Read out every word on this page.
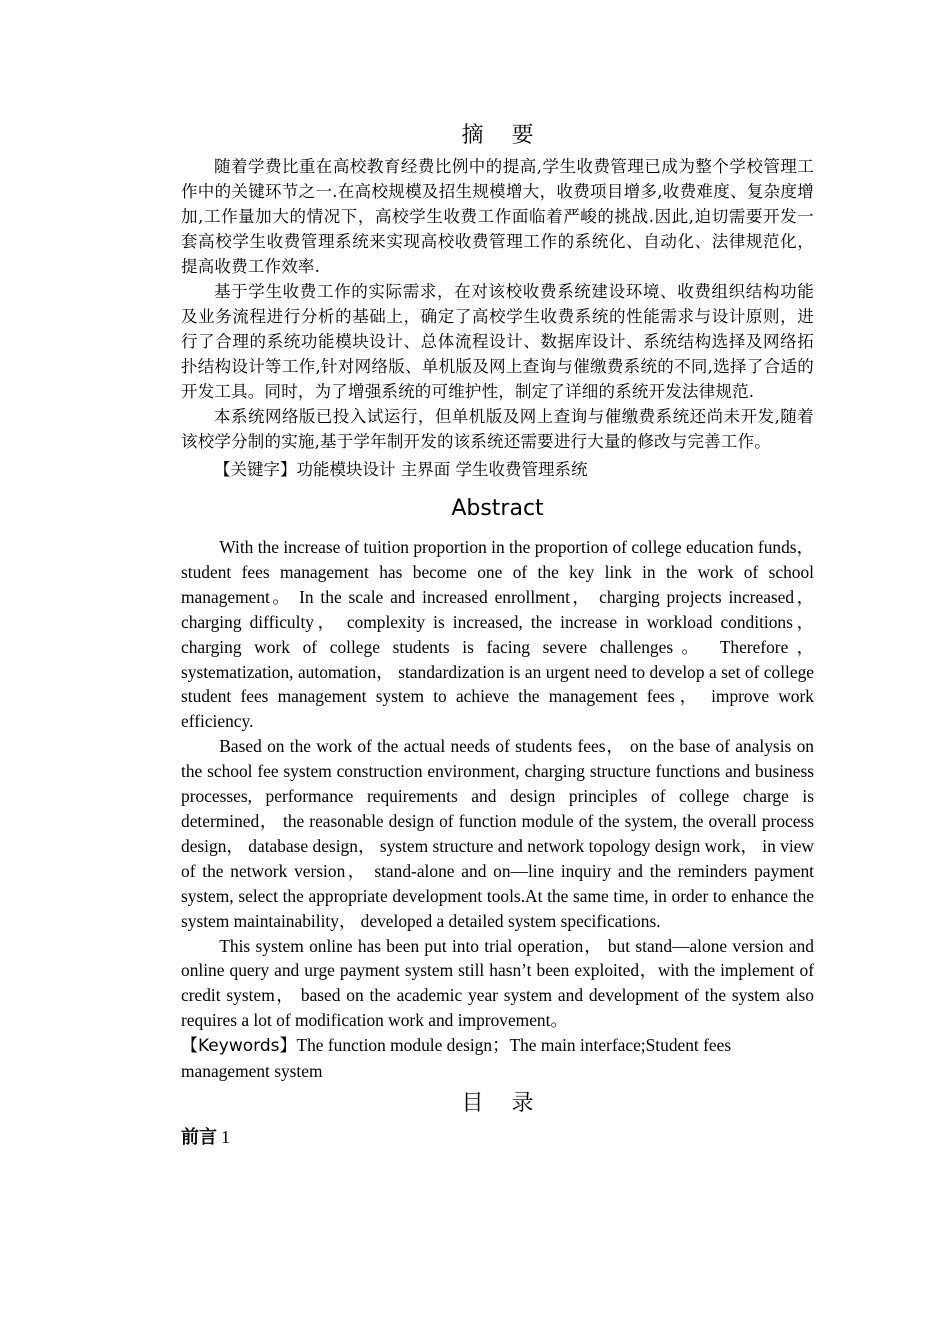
摘    要

随着学费比重在高校教育经费比例中的提高,学生收费管理已成为整个学校管理工作中的关键环节之一.在高校规模及招生规模增大，收费项目增多,收费难度、复杂度增加,工作量加大的情况下，高校学生收费工作面临着严峻的挑战.因此,迫切需要开发一套高校学生收费管理系统来实现高校收费管理工作的系统化、自动化、法律规范化，提高收费工作效率.

基于学生收费工作的实际需求，在对该校收费系统建设环境、收费组织结构功能及业务流程进行分析的基础上，确定了高校学生收费系统的性能需求与设计原则，进行了合理的系统功能模块设计、总体流程设计、数据库设计、系统结构选择及网络拓扑结构设计等工作,针对网络版、单机版及网上查询与催缴费系统的不同,选择了合适的开发工具。同时，为了增强系统的可维护性，制定了详细的系统开发法律规范.

本系统网络版已投入试运行，但单机版及网上查询与催缴费系统还尚未开发,随着该校学分制的实施,基于学年制开发的该系统还需要进行大量的修改与完善工作。

【关键字】功能模块设计 主界面 学生收费管理系统

Abstract

With the increase of tuition proportion in the proportion of college education funds， student fees management has become one of the key link in the work of school management。 In the scale and increased enrollment， charging projects increased， charging difficulty， complexity is increased, the increase in workload conditions， charging work of college students is facing severe challenges。 Therefore， systematization, automation， standardization is an urgent need to develop a set of college student fees management system to achieve the management fees， improve work efficiency.

Based on the work of the actual needs of students fees， on the base of analysis on the school fee system construction environment, charging structure functions and business processes, performance requirements and design principles of college charge is determined， the reasonable design of function module of the system, the overall process design， database design， system structure and network topology design work， in view of the network version， stand-alone and on—line inquiry and the reminders payment system, select the appropriate development tools.At the same time, in order to enhance the system maintainability， developed a detailed system specifications.

This system online has been put into trial operation， but stand—alone version and online query and urge payment system still hasn’t been exploited，with the implement of credit system， based on the academic year system and development of the system also requires a lot of modification work and improvement。

【Keywords】The function module design；The main interface;Student fees management system

目    录

前言 1
